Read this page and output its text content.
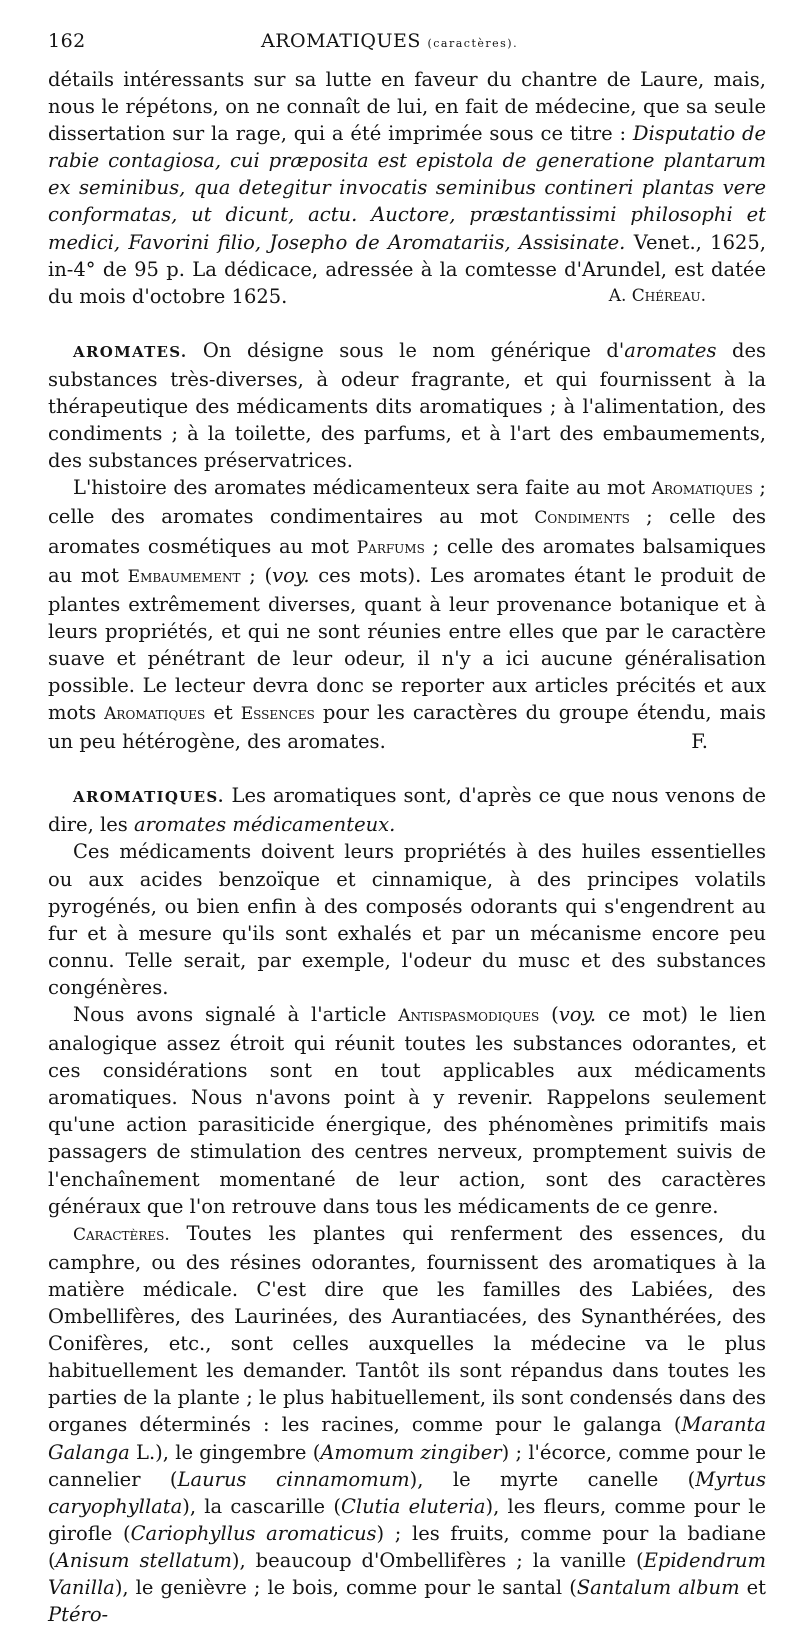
162	AROMATIQUES (caractères).

détails intéressants sur sa lutte en faveur du chantre de Laure, mais, nous le répétons, on ne connaît de lui, en fait de médecine, que sa seule dissertation sur la rage, qui a été imprimée sous ce titre : Disputatio de rabie contagiosa, cui præposita est epistola de generatione plantarum ex seminibus, qua detegitur invocatis seminibus contineri plantas vere conformatas, ut dicunt, actu. Auctore, præstantissimi philosophi et medici, Favorini filio, Josepho de Aromatariis, Assisinate. Venet., 1625, in-4° de 95 p. La dédicace, adressée à la comtesse d'Arundel, est datée du mois d'octobre 1625.	A. Chéreau.

AROMATES. On désigne sous le nom générique d'aromates des substances très-diverses, à odeur fragrante, et qui fournissent à la thérapeutique des médicaments dits aromatiques ; à l'alimentation, des condiments ; à la toilette, des parfums, et à l'art des embaumements, des substances préservatrices.

L'histoire des aromates médicamenteux sera faite au mot Aromatiques ; celle des aromates condimentaires au mot Condiments ; celle des aromates cosmétiques au mot Parfums ; celle des aromates balsamiques au mot Embaumement ; (voy. ces mots). Les aromates étant le produit de plantes extrêmement diverses, quant à leur provenance botanique et à leurs propriétés, et qui ne sont réunies entre elles que par le caractère suave et pénétrant de leur odeur, il n'y a ici aucune généralisation possible. Le lecteur devra donc se reporter aux articles précités et aux mots Aromatiques et Essences pour les caractères du groupe étendu, mais un peu hétérogène, des aromates.	F.

AROMATIQUES. Les aromatiques sont, d'après ce que nous venons de dire, les aromates médicamenteux.

Ces médicaments doivent leurs propriétés à des huiles essentielles ou aux acides benzoïque et cinnamique, à des principes volatils pyrogénés, ou bien enfin à des composés odorants qui s'engendrent au fur et à mesure qu'ils sont exhalés et par un mécanisme encore peu connu. Telle serait, par exemple, l'odeur du musc et des substances congénères.

Nous avons signalé à l'article Antispasmodiques (voy. ce mot) le lien analogique assez étroit qui réunit toutes les substances odorantes, et ces considérations sont en tout applicables aux médicaments aromatiques. Nous n'avons point à y revenir. Rappelons seulement qu'une action parasiticide énergique, des phénomènes primitifs mais passagers de stimulation des centres nerveux, promptement suivis de l'enchaînement momentané de leur action, sont des caractères généraux que l'on retrouve dans tous les médicaments de ce genre.

Caractères. Toutes les plantes qui renferment des essences, du camphre, ou des résines odorantes, fournissent des aromatiques à la matière médicale. C'est dire que les familles des Labiées, des Ombellifères, des Laurinées, des Aurantiacées, des Synanthérées, des Conifères, etc., sont celles auxquelles la médecine va le plus habituellement les demander. Tantôt ils sont répandus dans toutes les parties de la plante ; le plus habituellement, ils sont condensés dans des organes déterminés : les racines, comme pour le galanga (Maranta Galanga L.), le gingembre (Amomum zingiber) ; l'écorce, comme pour le cannelier (Laurus cinnamomum), le myrte canelle (Myrtus caryophyllata), la cascarille (Clutia eluteria), les fleurs, comme pour le girofle (Cariophyllus aromaticus) ; les fruits, comme pour la badiane (Anisum stellatum), beaucoup d'Ombellifères ; la vanille (Epidendrum Vanilla), le genièvre ; le bois, comme pour le santal (Santalum album et Ptéro-
